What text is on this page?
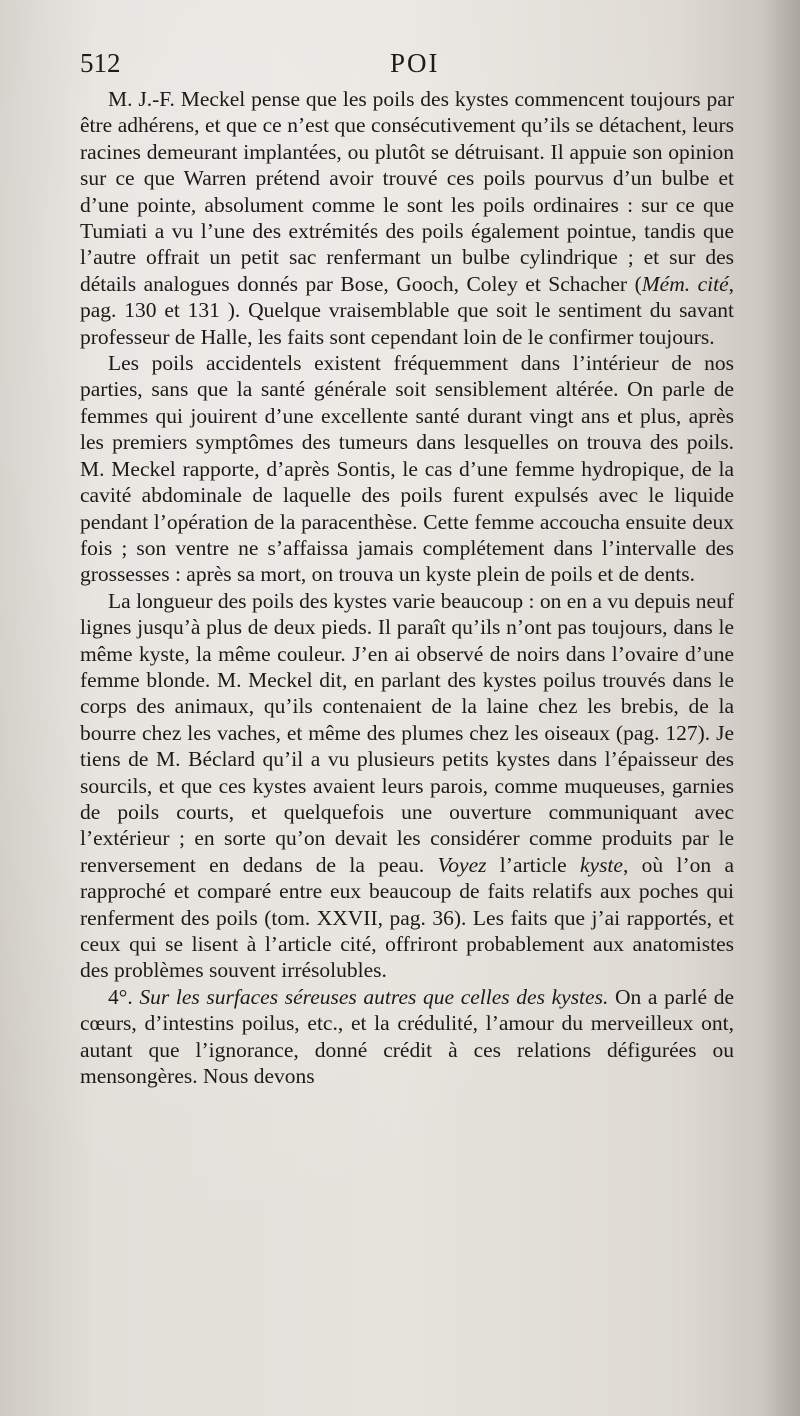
512	POI

M. J.-F. Meckel pense que les poils des kystes commencent toujours par être adhérens, et que ce n’est que consécutivement qu’ils se détachent, leurs racines demeurant implantées, ou plutôt se détruisant. Il appuie son opinion sur ce que Warren prétend avoir trouvé ces poils pourvus d’un bulbe et d’une pointe, absolument comme le sont les poils ordinaires : sur ce que Tumiati a vu l’une des extrémités des poils également pointue, tandis que l’autre offrait un petit sac renfermant un bulbe cylindrique ; et sur des détails analogues donnés par Bose, Gooch, Coley et Schacher (Mém. cité, pag. 130 et 131 ). Quelque vraisemblable que soit le sentiment du savant professeur de Halle, les faits sont cependant loin de le confirmer toujours.

Les poils accidentels existent fréquemment dans l’intérieur de nos parties, sans que la santé générale soit sensiblement altérée. On parle de femmes qui jouirent d’une excellente santé durant vingt ans et plus, après les premiers symptômes des tumeurs dans lesquelles on trouva des poils. M. Meckel rapporte, d’après Sontis, le cas d’une femme hydropique, de la cavité abdominale de laquelle des poils furent expulsés avec le liquide pendant l’opération de la paracenthèse. Cette femme accoucha ensuite deux fois ; son ventre ne s’affaissa jamais complétement dans l’intervalle des grossesses : après sa mort, on trouva un kyste plein de poils et de dents.

La longueur des poils des kystes varie beaucoup : on en a vu depuis neuf lignes jusqu’à plus de deux pieds. Il paraît qu’ils n’ont pas toujours, dans le même kyste, la même couleur. J’en ai observé de noirs dans l’ovaire d’une femme blonde. M. Meckel dit, en parlant des kystes poilus trouvés dans le corps des animaux, qu’ils contenaient de la laine chez les brebis, de la bourre chez les vaches, et même des plumes chez les oiseaux (pag. 127). Je tiens de M. Béclard qu’il a vu plusieurs petits kystes dans l’épaisseur des sourcils, et que ces kystes avaient leurs parois, comme muqueuses, garnies de poils courts, et quelquefois une ouverture communiquant avec l’extérieur ; en sorte qu’on devait les considérer comme produits par le renversement en dedans de la peau. Voyez l’article kyste, où l’on a rapproché et comparé entre eux beaucoup de faits relatifs aux poches qui renferment des poils (tom. XXVII, pag. 36). Les faits que j’ai rapportés, et ceux qui se lisent à l’article cité, offriront probablement aux anatomistes des problèmes souvent irrésolubles.

4°. Sur les surfaces séreuses autres que celles des kystes. On a parlé de cœurs, d’intestins poilus, etc., et la crédulité, l’amour du merveilleux ont, autant que l’ignorance, donné crédit à ces relations défigurées ou mensongères. Nous devons
